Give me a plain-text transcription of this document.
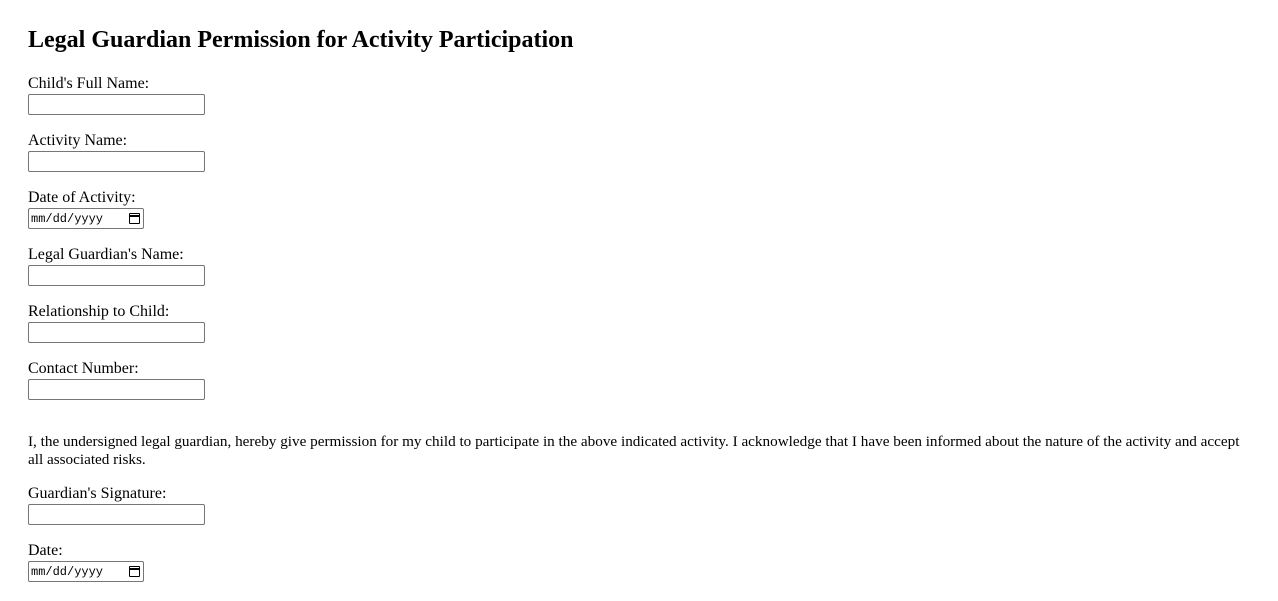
Legal Guardian Permission for Activity Participation
Child's Full Name:
Activity Name:
Date of Activity:
mm/dd/yyyy
Legal Guardian's Name:
Relationship to Child:
Contact Number:

I, the undersigned legal guardian, hereby give permission for my child to participate in the above indicated activity. I acknowledge that I have been informed about the nature of the activity and accept all associated risks.

Guardian's Signature:
Date:
mm/dd/yyyy
